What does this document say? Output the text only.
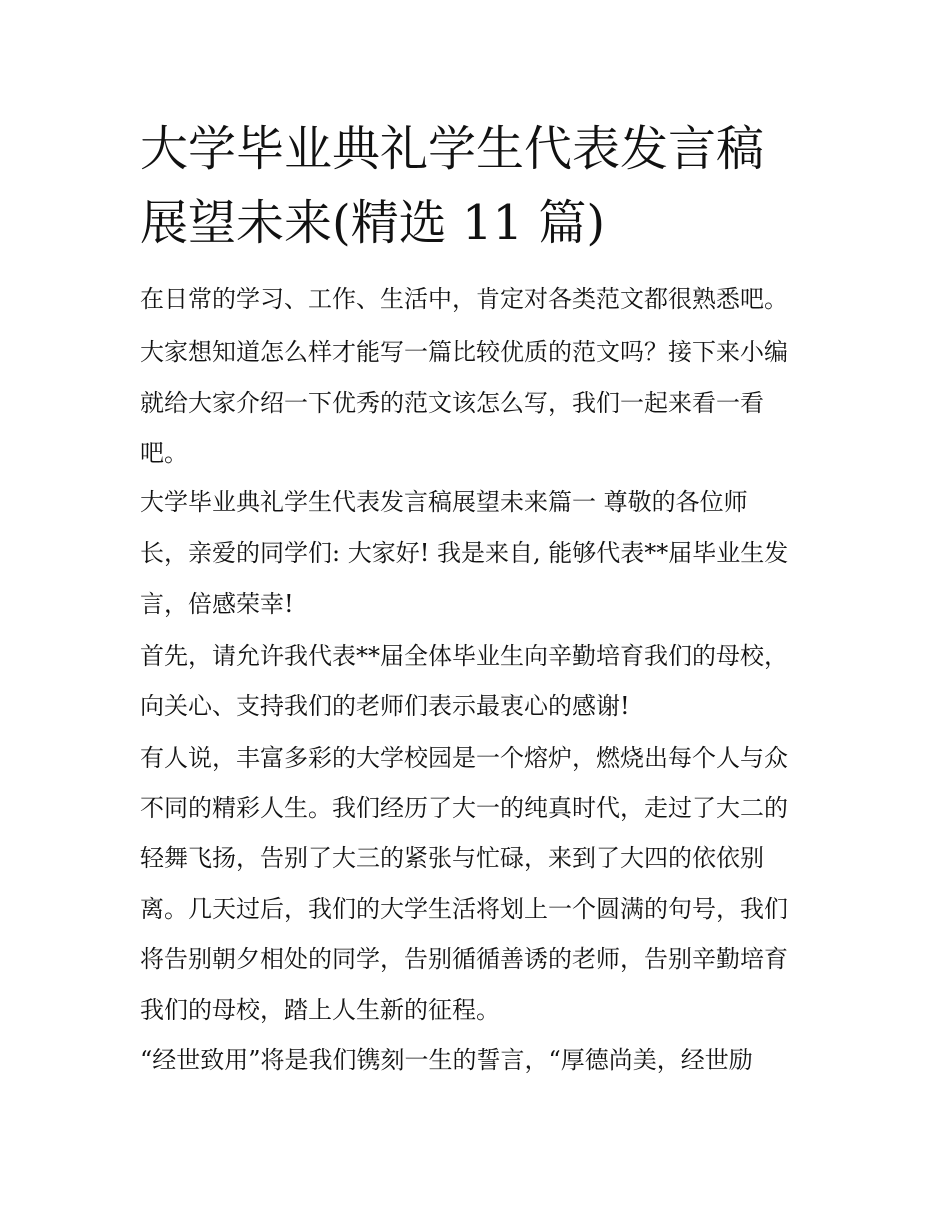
大学毕业典礼学生代表发言稿
展望未来(精选 11 篇)
在日常的学习、工作、生活中，肯定对各类范文都很熟悉吧。
大家想知道怎么样才能写一篇比较优质的范文吗？接下来小编
就给大家介绍一下优秀的范文该怎么写，我们一起来看一看
吧。
大学毕业典礼学生代表发言稿展望未来篇一 尊敬的各位师
长，亲爱的同学们: 大家好! 我是来自, 能够代表**届毕业生发
言，倍感荣幸!
首先，请允许我代表**届全体毕业生向辛勤培育我们的母校，
向关心、支持我们的老师们表示最衷心的感谢!
有人说，丰富多彩的大学校园是一个熔炉，燃烧出每个人与众
不同的精彩人生。我们经历了大一的纯真时代，走过了大二的
轻舞飞扬，告别了大三的紧张与忙碌，来到了大四的依依别
离。几天过后，我们的大学生活将划上一个圆满的句号，我们
将告别朝夕相处的同学，告别循循善诱的老师，告别辛勤培育
我们的母校，踏上人生新的征程。
“经世致用”将是我们镌刻一生的誓言，“厚德尚美，经世励
